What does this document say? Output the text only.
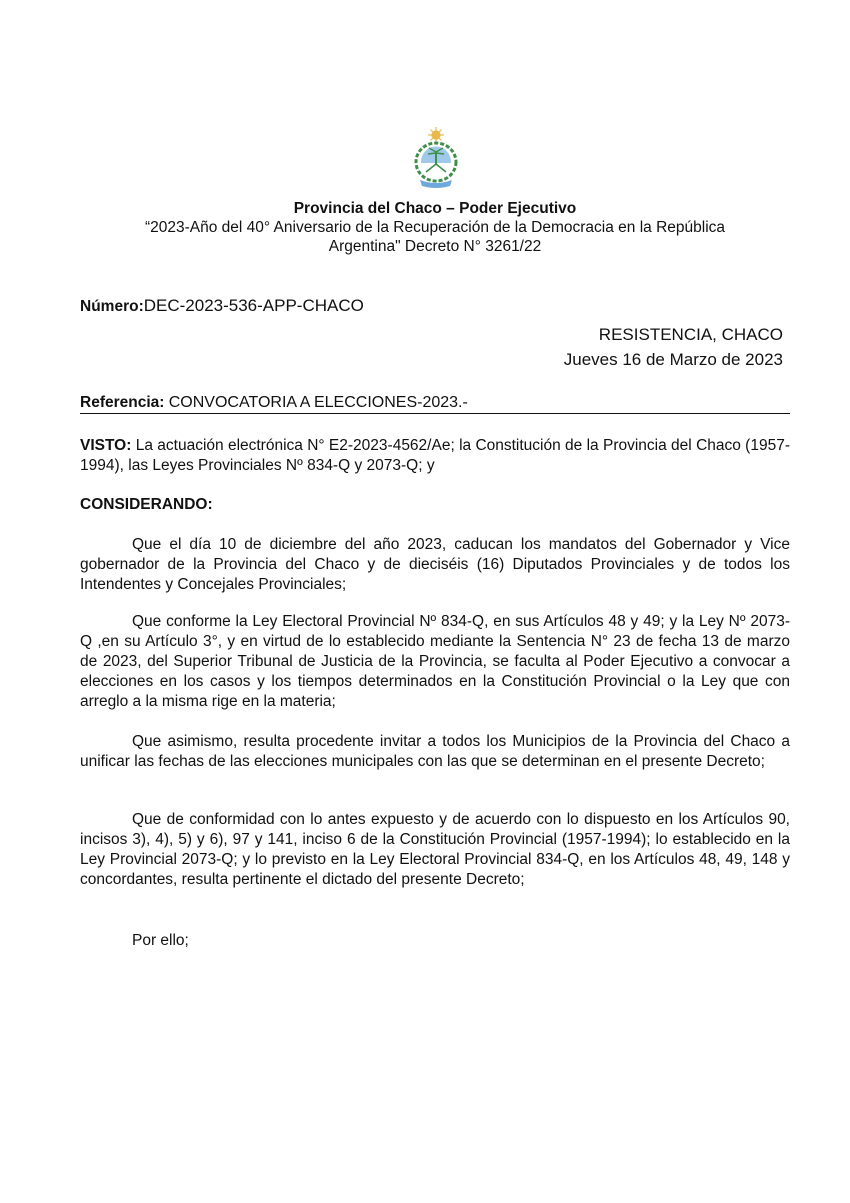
Provincia del Chaco – Poder Ejecutivo
“2023-Año del 40° Aniversario de la Recuperación de la Democracia en la República
Argentina" Decreto N° 3261/22
Número:DEC-2023-536-APP-CHACO
RESISTENCIA, CHACO
Jueves 16 de Marzo de 2023
Referencia: CONVOCATORIA A ELECCIONES-2023.-
VISTO: La actuación electrónica N° E2-2023-4562/Ae; la Constitución de la Provincia del Chaco (1957-1994), las Leyes Provinciales Nº 834-Q y 2073-Q; y
CONSIDERANDO:
Que el día 10 de diciembre del año 2023, caducan los mandatos del Gobernador y Vice gobernador de la Provincia del Chaco y de dieciséis (16) Diputados Provinciales y de todos los Intendentes y Concejales Provinciales;
Que conforme la Ley Electoral Provincial Nº 834-Q, en sus Artículos 48 y 49; y la Ley Nº 2073- Q ,en su Artículo 3°, y en virtud de lo establecido mediante la Sentencia N° 23 de fecha 13 de marzo de 2023, del Superior Tribunal de Justicia de la Provincia, se faculta al Poder Ejecutivo a convocar a elecciones en los casos y los tiempos determinados en la Constitución Provincial o la Ley que con arreglo a la misma rige en la materia;
Que asimismo, resulta procedente invitar a todos los Municipios de la Provincia del Chaco a unificar las fechas de las elecciones municipales con las que se determinan en el presente Decreto;
Que de conformidad con lo antes expuesto y de acuerdo con lo dispuesto en los Artículos 90, incisos 3), 4), 5) y 6), 97 y 141, inciso 6 de la Constitución Provincial (1957-1994); lo establecido en la Ley Provincial 2073-Q; y lo previsto en la Ley Electoral Provincial 834-Q, en los Artículos 48, 49, 148 y concordantes, resulta pertinente el dictado del presente Decreto;
Por ello;
